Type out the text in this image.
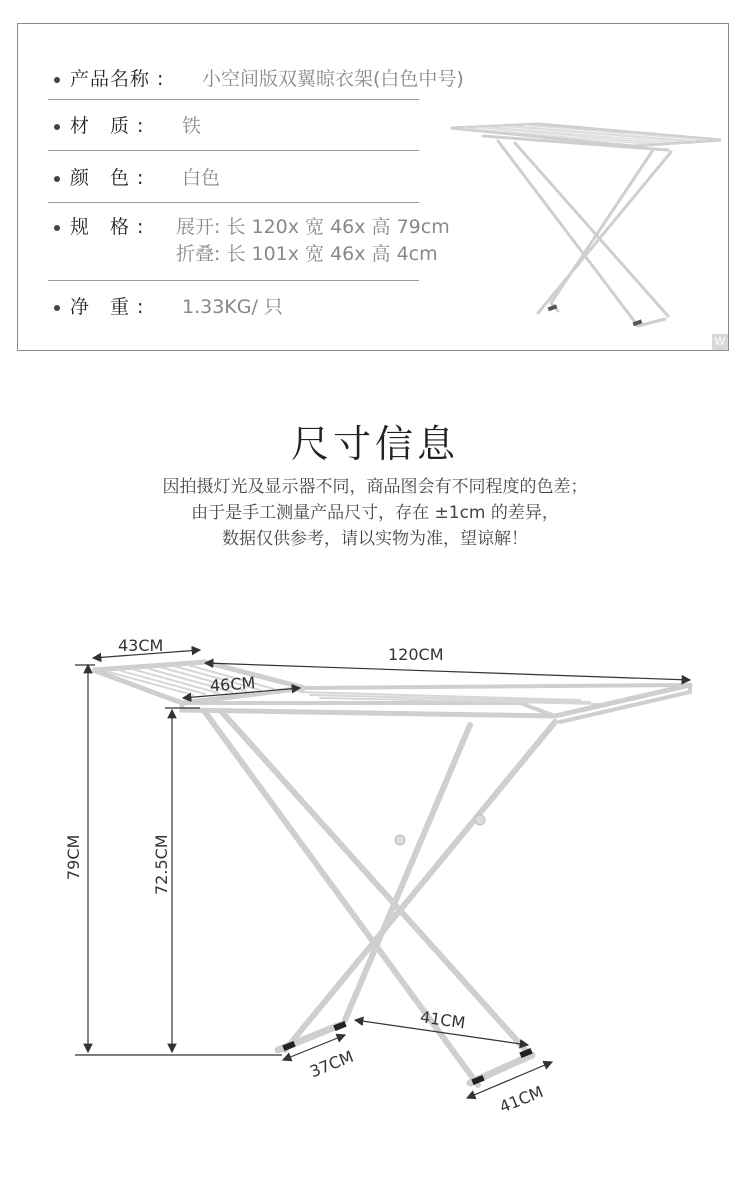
产品名称 : 小空间版双翼晾衣架(白色中号)
材　质 : 铁
颜　色 : 白色
规　格 : 展开: 长 120x 宽 46x 高 79cm
折叠: 长 101x 宽 46x 高 4cm
净　重 : 1.33KG/ 只
W
尺寸信息
因拍摄灯光及显示器不同，商品图会有不同程度的色差；
由于是手工测量产品尺寸，存在 ±1cm 的差异，
数据仅供参考，请以实物为准，望谅解！
43CM	120CM
46CM
79CM	72.5CM
41CM
37CM
41CM
